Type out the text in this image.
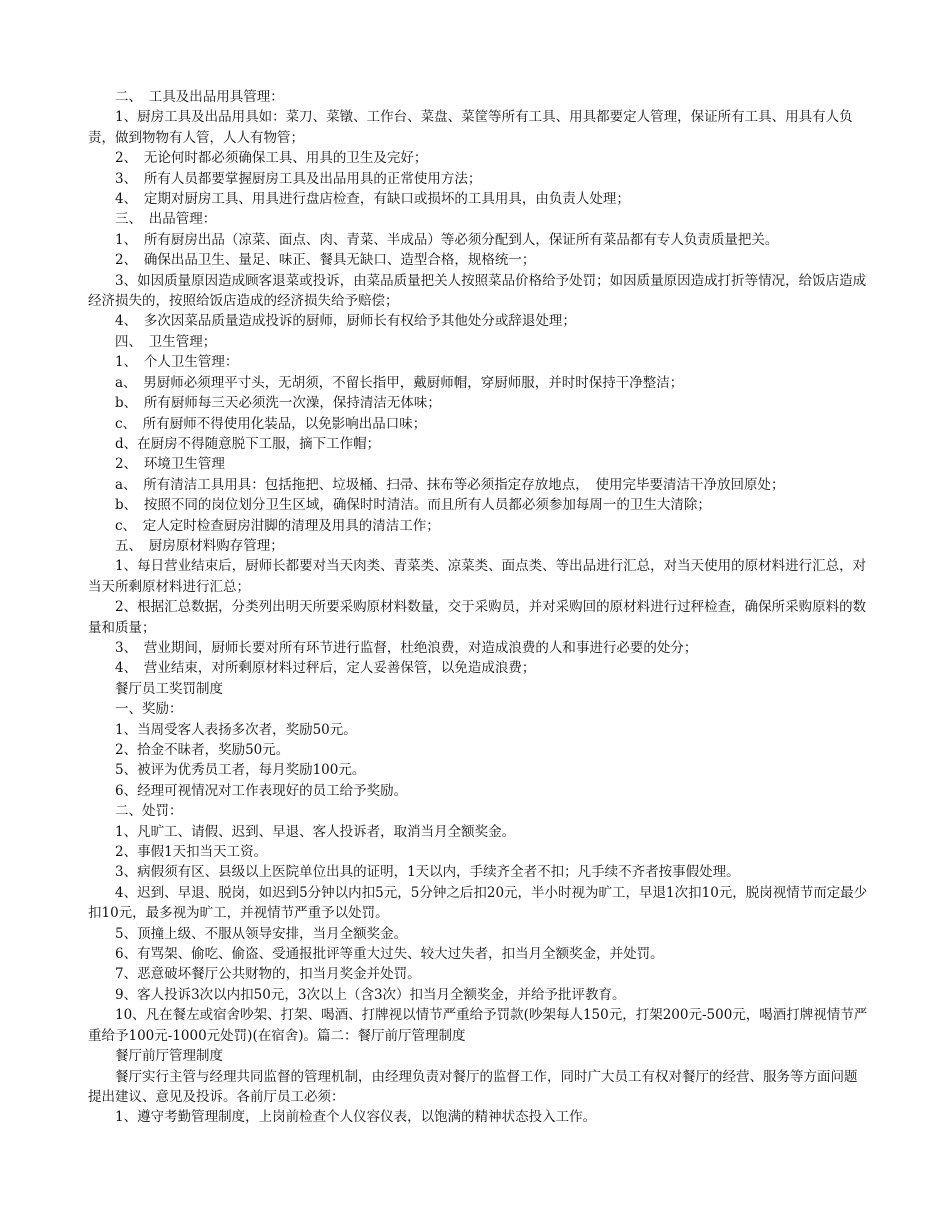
二、　工具及出品用具管理：

1、厨房工具及出品用具如：菜刀、菜镦、工作台、菜盘、菜筐等所有工具、用具都要定人管理，保证所有工具、用具有人负责，做到物物有人管，人人有物管；

2、　无论何时都必须确保工具、用具的卫生及完好；

3、　所有人员都要掌握厨房工具及出品用具的正常使用方法；

4、　定期对厨房工具、用具进行盘店检查，有缺口或损坏的工具用具，由负责人处理；

三、　出品管理：

1、　所有厨房出品（凉菜、面点、肉、青菜、半成品）等必须分配到人，保证所有菜品都有专人负责质量把关。

2、　确保出品卫生、量足、味正、餐具无缺口、造型合格，规格统一；

3、如因质量原因造成顾客退菜或投诉，由菜品质量把关人按照菜品价格给予处罚；如因质量原因造成打折等情况，给饭店造成经济损失的，按照给饭店造成的经济损失给予赔偿；

4、　多次因菜品质量造成投诉的厨师，厨师长有权给予其他处分或辞退处理；

四、　卫生管理；

1、　个人卫生管理：

a、　男厨师必须理平寸头，无胡须，不留长指甲，戴厨师帽，穿厨师服，并时时保持干净整洁；

b、　所有厨师每三天必须洗一次澡，保持清洁无体味；

c、　所有厨师不得使用化装品，以免影响出品口味；

d、在厨房不得随意脱下工服，摘下工作帽；

2、　环境卫生管理

a、　所有清洁工具用具：包括拖把、垃圾桶、扫帚、抹布等必须指定存放地点，　使用完毕要清洁干净放回原处；

b、　按照不同的岗位划分卫生区域，确保时时清洁。而且所有人员都必须参加每周一的卫生大清除；

c、　定人定时检查厨房泔脚的清理及用具的清洁工作；

五、　厨房原材料购存管理；

1、每日营业结束后，厨师长都要对当天肉类、青菜类、凉菜类、面点类、等出品进行汇总，对当天使用的原材料进行汇总，对当天所剩原材料进行汇总；

2、根据汇总数据，分类列出明天所要采购原材料数量，交于采购员，并对采购回的原材料进行过秤检查，确保所采购原料的数量和质量；

3、　营业期间，厨师长要对所有环节进行监督，杜绝浪费，对造成浪费的人和事进行必要的处分；

4、　营业结束，对所剩原材料过秤后，定人妥善保管，以免造成浪费；

餐厅员工奖罚制度

一、奖励：

1、当周受客人表扬多次者，奖励50元。

2、拾金不昧者，奖励50元。

5、被评为优秀员工者，每月奖励100元。

6、经理可视情况对工作表现好的员工给予奖励。

二、处罚：

1、凡旷工、请假、迟到、早退、客人投诉者，取消当月全额奖金。

2、事假1天扣当天工资。

3、病假须有区、县级以上医院单位出具的证明，1天以内，手续齐全者不扣；凡手续不齐者按事假处理。

4、迟到、早退、脱岗，如迟到5分钟以内扣5元，5分钟之后扣20元，半小时视为旷工，早退1次扣10元，脱岗视情节而定最少扣10元，最多视为旷工，并视情节严重予以处罚。

5、顶撞上级、不服从领导安排，当月全额奖金。

6、有骂架、偷吃、偷盗、受通报批评等重大过失、较大过失者，扣当月全额奖金，并处罚。

7、恶意破坏餐厅公共财物的，扣当月奖金并处罚。

9、客人投诉3次以内扣50元，3次以上（含3次）扣当月全额奖金，并给予批评教育。

10、凡在餐左或宿舍吵架、打架、喝酒、打牌视以情节严重给予罚款(吵架每人150元，打架200元-500元，喝酒打牌视情节严重给予100元-1000元处罚)(在宿舍)。篇二：餐厅前厅管理制度

餐厅前厅管理制度

餐厅实行主管与经理共同监督的管理机制，由经理负责对餐厅的监督工作，同时广大员工有权对餐厅的经营、服务等方面问题提出建议、意见及投诉。各前厅员工必须：

1、遵守考勤管理制度，上岗前检查个人仪容仪表，以饱满的精神状态投入工作。
